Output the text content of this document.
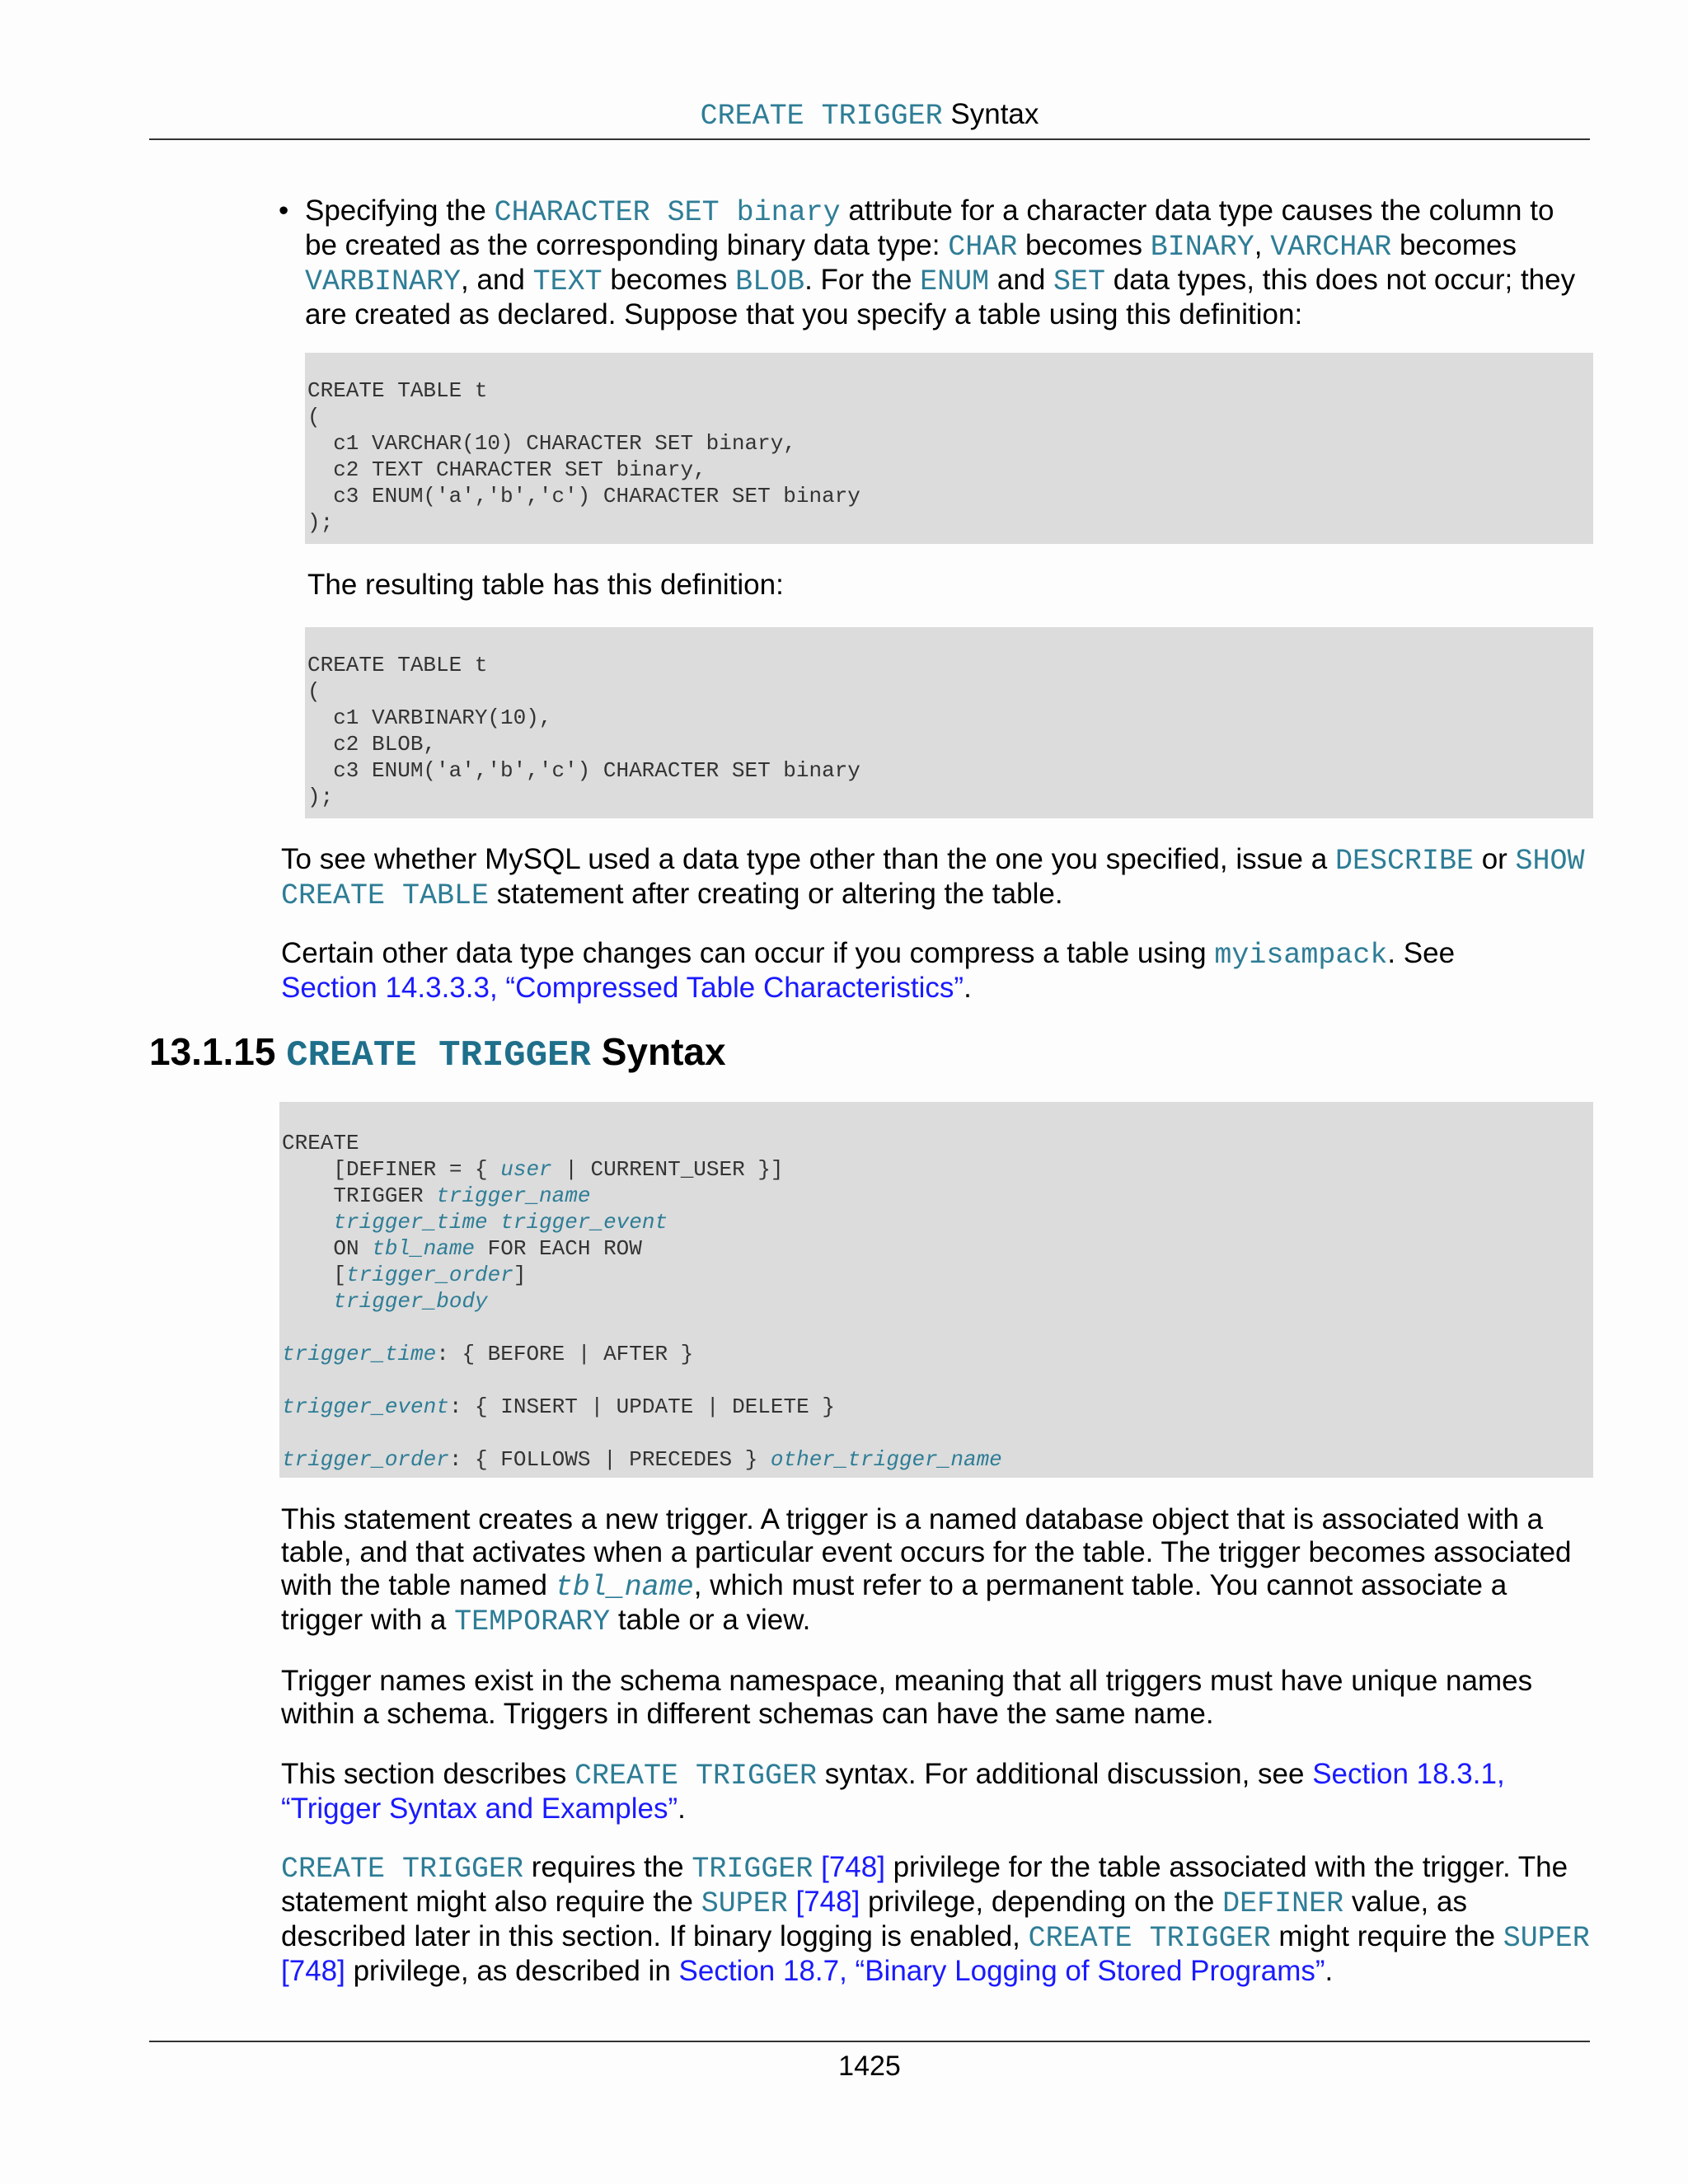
CREATE TRIGGER Syntax
• Specifying the CHARACTER SET binary attribute for a character data type causes the column to be created as the corresponding binary data type: CHAR becomes BINARY, VARCHAR becomes VARBINARY, and TEXT becomes BLOB. For the ENUM and SET data types, this does not occur; they are created as declared. Suppose that you specify a table using this definition:

CREATE TABLE t
(
c1 VARCHAR(10) CHARACTER SET binary,
c2 TEXT CHARACTER SET binary,
c3 ENUM('a','b','c') CHARACTER SET binary
);

The resulting table has this definition:

CREATE TABLE t
(
c1 VARBINARY(10),
c2 BLOB,
c3 ENUM('a','b','c') CHARACTER SET binary
);

To see whether MySQL used a data type other than the one you specified, issue a DESCRIBE or SHOW CREATE TABLE statement after creating or altering the table.

Certain other data type changes can occur if you compress a table using myisampack. See
Section 14.3.3.3, “Compressed Table Characteristics”.

13.1.15 CREATE TRIGGER Syntax
CREATE
[DEFINER = { user | CURRENT_USER }]
TRIGGER trigger_name
trigger_time trigger_event
ON tbl_name FOR EACH ROW
[trigger_order]
trigger_body

trigger_time: { BEFORE | AFTER }

trigger_event: { INSERT | UPDATE | DELETE }

trigger_order: { FOLLOWS | PRECEDES } other_trigger_name

This statement creates a new trigger. A trigger is a named database object that is associated with a table, and that activates when a particular event occurs for the table. The trigger becomes associated with the table named tbl_name, which must refer to a permanent table. You cannot associate a trigger with a TEMPORARY table or a view.

Trigger names exist in the schema namespace, meaning that all triggers must have unique names within a schema. Triggers in different schemas can have the same name.

This section describes CREATE TRIGGER syntax. For additional discussion, see Section 18.3.1, “Trigger Syntax and Examples”.

CREATE TRIGGER requires the TRIGGER [748] privilege for the table associated with the trigger. The statement might also require the SUPER [748] privilege, depending on the DEFINER value, as described later in this section. If binary logging is enabled, CREATE TRIGGER might require the SUPER [748] privilege, as described in Section 18.7, “Binary Logging of Stored Programs”.

1425
